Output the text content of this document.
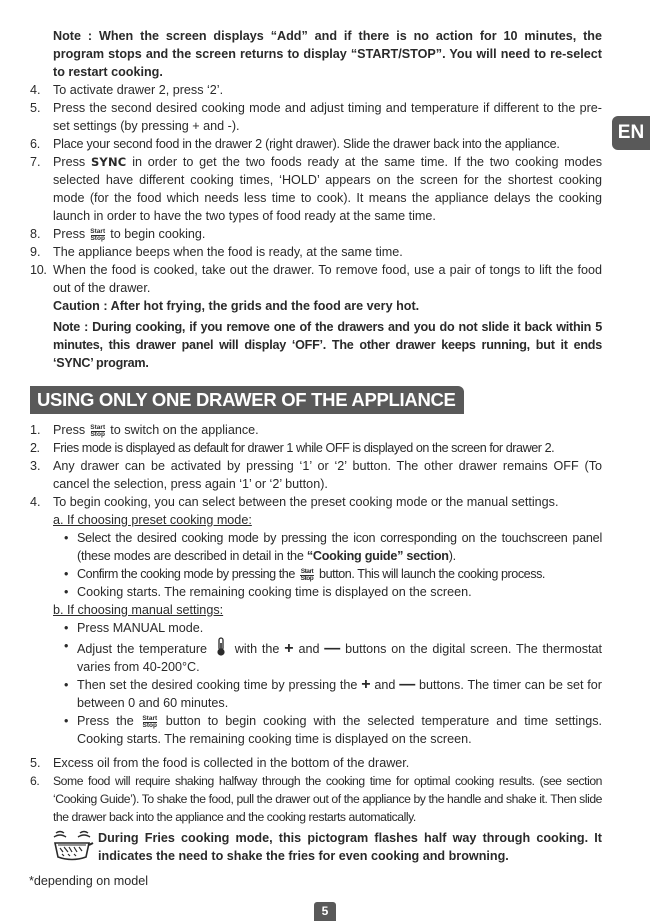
EN

Note : When the screen displays “Add” and if there is no action for 10 minutes, the program stops and the screen returns to display “START/STOP”. You will need to re-select to restart cooking.

4. To activate drawer 2, press ‘2’.
5. Press the second desired cooking mode and adjust timing and temperature if different to the pre-set settings (by pressing + and -).
6. Place your second food in the drawer 2 (right drawer). Slide the drawer back into the appliance.
7. Press SYNC in order to get the two foods ready at the same time. If the two cooking modes selected have different cooking times, ‘HOLD’ appears on the screen for the shortest cooking mode (for the food which needs less time to cook). It means the appliance delays the cooking launch in order to have the two types of food ready at the same time.
8. Press Start
Stop to begin cooking.
9. The appliance beeps when the food is ready, at the same time.
10. When the food is cooked, take out the drawer. To remove food, use a pair of tongs to lift the food out of the drawer.

Caution : After hot frying, the grids and the food are very hot.

Note : During cooking, if you remove one of the drawers and you do not slide it back within 5 minutes, this drawer panel will display ‘OFF’. The other drawer keeps running, but it ends ‘SYNC’ program.

USING ONLY ONE DRAWER OF THE APPLIANCE
1. Press Start
Stop to switch on the appliance.
2. Fries mode is displayed as default for drawer 1 while OFF is displayed on the screen for drawer 2.
3. Any drawer can be activated by pressing ‘1’ or ‘2’ button. The other drawer remains OFF (To cancel the selection, press again ‘1’ or ‘2’ button).
4. To begin cooking, you can select between the preset cooking mode or the manual settings.
a. If choosing preset cooking mode:
• Select the desired cooking mode by pressing the icon corresponding on the touchscreen panel (these modes are described in detail in the “Cooking guide” section).
• Confirm the cooking mode by pressing the Start
Stop button. This will launch the cooking process.
• Cooking starts. The remaining cooking time is displayed on the screen.
b. If choosing manual settings:
• Press MANUAL mode.
• Adjust the temperature with the + and — buttons on the digital screen. The thermostat varies from 40-200°C.
• Then set the desired cooking time by pressing the + and — buttons. The timer can be set for between 0 and 60 minutes.
• Press the Start
Stop button to begin cooking with the selected temperature and time settings. Cooking starts. The remaining cooking time is displayed on the screen.
5. Excess oil from the food is collected in the bottom of the drawer.
6. Some food will require shaking halfway through the cooking time for optimal cooking results. (see section ‘Cooking Guide’). To shake the food, pull the drawer out of the appliance by the handle and shake it. Then slide the drawer back into the appliance and the cooking restarts automatically.

During Fries cooking mode, this pictogram flashes half way through cooking. It indicates the need to shake the fries for even cooking and browning.

*depending on model
5
